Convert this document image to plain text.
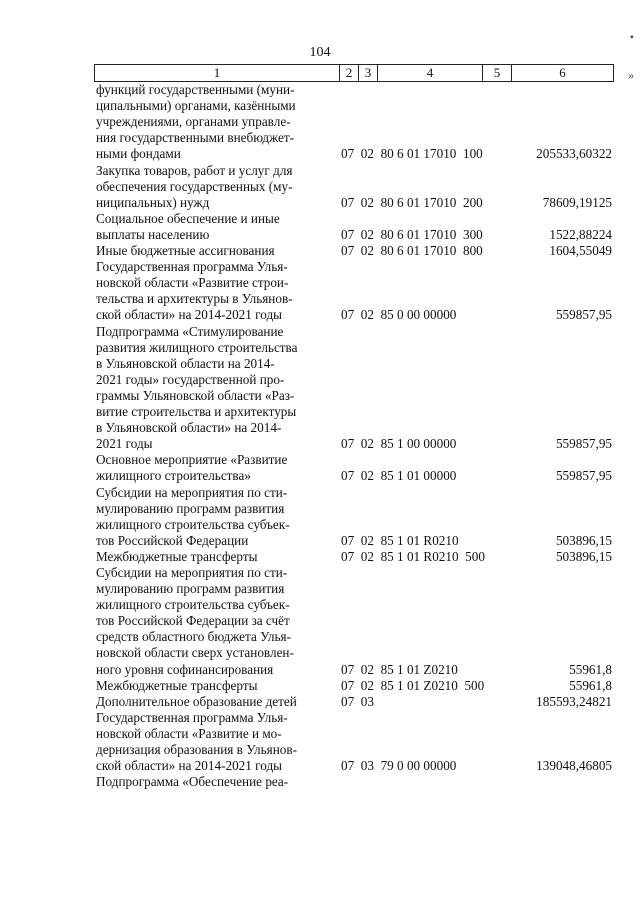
104
1	2 3	4	5	6
•
»
функций государственными (муни-
ципальными) органами, казёнными
учреждениями, органами управле-
ния государственными внебюджет-
ными фондами	07  02  80 6 01 17010  100	205533,60322
Закупка товаров, работ и услуг для
обеспечения государственных (му-
ниципальных) нужд	07  02  80 6 01 17010  200	78609,19125
Социальное обеспечение и иные
выплаты населению	07  02  80 6 01 17010  300	1522,88224
Иные бюджетные ассигнования	07  02  80 6 01 17010  800	1604,55049
Государственная программа Улья-
новской области «Развитие строи-
тельства и архитектуры в Ульянов-
ской области» на 2014-2021 годы	07  02  85 0 00 00000	559857,95
Подпрограмма «Стимулирование
развития жилищного строительства
в Ульяновской области на 2014-
2021 годы» государственной про-
граммы Ульяновской области «Раз-
витие строительства и архитектуры
в Ульяновской области» на 2014-
2021 годы	07  02  85 1 00 00000	559857,95
Основное мероприятие «Развитие
жилищного строительства»	07  02  85 1 01 00000	559857,95
Субсидии на мероприятия по сти-
мулированию программ развития
жилищного строительства субъек-
тов Российской Федерации	07  02  85 1 01 R0210	503896,15
Межбюджетные трансферты	07  02  85 1 01 R0210  500	503896,15
Субсидии на мероприятия по сти-
мулированию программ развития
жилищного строительства субъек-
тов Российской Федерации за счёт
средств областного бюджета Улья-
новской области сверх установлен-
ного уровня софинансирования	07  02  85 1 01 Z0210	55961,8
Межбюджетные трансферты	07  02  85 1 01 Z0210  500	55961,8
Дополнительное образование детей	07  03	185593,24821
Государственная программа Улья-
новской области «Развитие и мо-
дернизация образования в Ульянов-
ской области» на 2014-2021 годы	07  03  79 0 00 00000	139048,46805
Подпрограмма «Обеспечение реа-
